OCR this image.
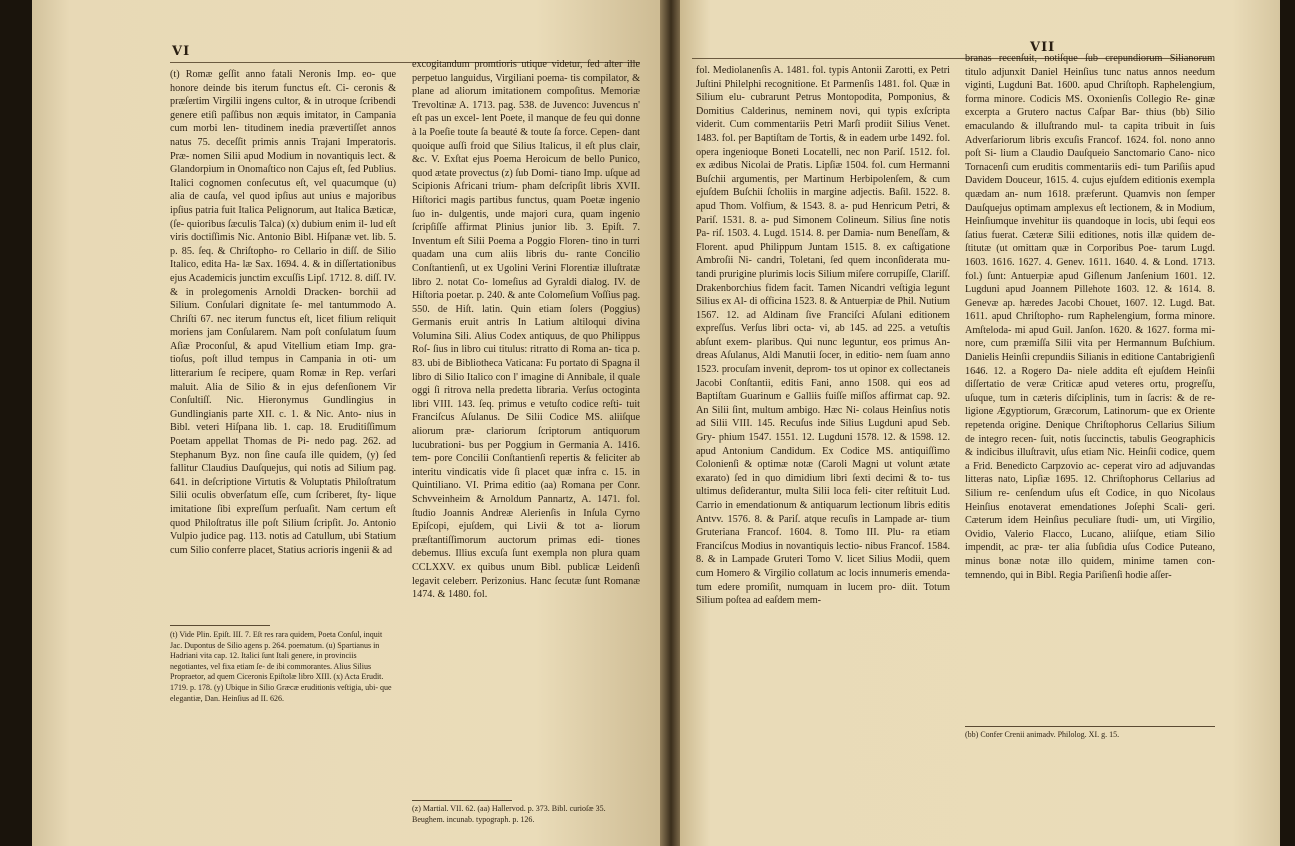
VI

(t) Romæ geſſit anno fatali Neronis Imp. eo- que honore deinde bis iterum functus eſt. Ci- ceronis & præſertim Virgilii ingens cultor, & in utroque ſcribendi genere etiſi paſſibus non æquis imitator, in Campania cum morbi len- titudinem inedia prævertiſſet annos natus 75. deceſſit primis annis Trajani Imperatoris. Præ- nomen Silii apud Modium in novantiquis lect. & Glandorpium in Onomaſtico non Cajus eſt, ſed Publius. Italici cognomen conſecutus eſt, vel quacumque (u) alia de cauſa, vel quod ipſius aut unius e majoribus ipſius patria fuit Italica Pelignorum, aut Italica Bæticæ, (ſe- quioribus ſæculis Talca) (x) dubium enim il- lud eſt viris doctiſſimis Nic. Antonio Bibl. Hiſpanæ vet. lib. 5. p. 85. ſeq. & Chriſtopho- ro Cellario in diſſ. de Silio Italico, edita Ha- læ Sax. 1694. 4. & in diſſertationibus ejus Academicis junctim excuſſis Lipſ. 1712. 8. diſſ. IV. & in prolegomenis Arnoldi Dracken- borchii ad Silium. Conſulari dignitate ſe- mel tantummodo A. Chriſti 67. nec iterum functus eſt, licet filium reliquit moriens jam Conſularem. Nam poſt conſulatum ſuum Aſiæ Proconſul, & apud Vitellium etiam Imp. gra- tioſus, poſt illud tempus in Campania in oti- um litterarium ſe recipere, quam Romæ in Rep. verſari maluit. Alia de Silio & in ejus defenſionem Vir Conſultiſſ. Nic. Hieronymus Gundlingius in Gundlingianis parte XII. c. 1. & Nic. Anto- nius in Bibl. veteri Hiſpana lib. 1. cap. 18. Eruditiſſimum Poetam appellat Thomas de Pi- nedo pag. 262. ad Stephanum Byz. non ſine cauſa ille quidem, (y) ſed fallitur Claudius Dauſquejus, qui notis ad Silium pag. 641. in deſcriptione Virtutis & Voluptatis Philoſtratum Silii oculis obverſatum eſſe, cum ſcriberet, ſty- lique imitatione ſibi expreſſum perſuaſit. Nam certum eſt quod Philoſtratus ille poſt Silium ſcripſit. Jo. Antonio Vulpio judice pag. 113. notis ad Catullum, ubi Statium cum Silio conferre placet, Statius acrioris ingenii & ad

(t) Vide Plin. Epiſt. III. 7. Eſt res rara quidem, Poeta Conſul, inquit Jac. Dupontus de Silio agens p. 264. poematum. (u) Spartianus in Hadriani vita cap. 12. Italici ſunt Itali genere, in provinciis negotiantes, vel fixa etiam ſe- de ibi commorantes. Alius Silius Propraetor, ad quem Ciceronis Epiſtolæ libro XIII. (x) Acta Erudit. 1719. p. 178. (y) Ubique in Silio Græcæ eruditionis veſtigia, ubi- que elegantiæ, Dan. Heinſius ad II. 626.

excogitandum promtioris utique videtur, ſed alter ille perpetuo languidus, Virgiliani poema- tis compilator, & plane ad aliorum imitationem compoſitus. Memoriæ Trevoltinæ A. 1713. pag. 538. de Juvenco: Juvencus n' eſt pas un excel- lent Poete, il manque de feu qui donne à la Poeſie toute ſa beauté & toute ſa force. Cepen- dant quoique auſſi froid que Silius Italicus, il eſt plus clair, &c. V. Exſtat ejus Poema Heroicum de bello Punico, quod ætate provectus (z) ſub Domi- tiano Imp. uſque ad Scipionis Africani trium- pham deſcripſit libris XVII. Hiſtorici magis partibus functus, quam Poetæ ingenio ſuo in- dulgentis, unde majori cura, quam ingenio ſcripſiſſe affirmat Plinius junior lib. 3. Epiſt. 7. Inventum eſt Silii Poema a Poggio Floren- tino in turri quadam una cum aliis libris du- rante Concilio Conſtantienſi, ut ex Ugolini Verini Florentiæ illuſtratæ libro 2. notat Co- lomeſius ad Gyraldi dialog. IV. de Hiſtoria poetar. p. 240. & ante Colomeſium Voſſius pag. 550. de Hiſt. latin. Quin etiam ſolers (Poggius) Germanis eruit antris In Latium altiloqui divina Volumina Sili. Alius Codex antiquus, de quo Philippus Roſ- ſius in libro cui titulus: ritratto di Roma an- tica p. 83. ubi de Bibliotheca Vaticana: Fu portato di Spagna il libro di Silio Italico con l' imagine di Annibale, il quale oggi ſi ritrova nella predetta libraria. Verſus octoginta libri VIII. 143. ſeq. primus e vetuſto codice reſti- tuit Franciſcus Aſulanus. De Silii Codice MS. aliiſque aliorum præ- clariorum ſcriptorum antiquorum lucubrationi- bus per Poggium in Germania A. 1416. tem- pore Concilii Conſtantienſi repertis & feliciter ab interitu vindicatis vide ſi placet quæ infra c. 15. in Quintiliano. VI. Prima editio (aa) Romana per Conr. Schvveinheim & Arnoldum Pannartz, A. 1471. fol. ſtudio Joannis Andreæ Alerienſis in Inſula Cyrno Epiſcopi, ejuſdem, qui Livii & tot a- liorum præſtantiſſimorum auctorum primas edi- tiones debemus. Illius excuſa ſunt exempla non plura quam CCLXXV. ex quibus unum Bibl. publicæ Leidenſi legavit celeberr. Perizonius. Hanc ſecutæ ſunt Romanæ 1474. & 1480. fol.

(z) Martial. VII. 62. (aa) Hallervod. p. 373. Bibl. curioſæ 35. Beughem. incunab. typograph. p. 126.

VII

fol. Mediolanenſis A. 1481. fol. typis Antonii Zarotti, ex Petri Juſtini Philelphi recognitione. Et Parmenſis 1481. fol. Quæ in Silium elu- cubrarunt Petrus Montopodita, Pomponius, & Domitius Calderinus, neminem novi, qui typis exſcripta viderit. Cum commentariis Petri Marſi prodiit Silius Venet. 1483. fol. per Baptiſtam de Tortis, & in eadem urbe 1492. fol. opera ingenioque Boneti Locatelli, nec non Pariſ. 1512. fol. ex ædibus Nicolai de Pratis. Lipſiæ 1504. fol. cum Hermanni Buſchii argumentis, per Martinum Herbipolenſem, & cum ejuſdem Buſchii ſcholiis in margine adjectis. Baſil. 1522. 8. apud Thom. Volfium, & 1543. 8. a- pud Henricum Petri, & Pariſ. 1531. 8. a- pud Simonem Colineum. Silius ſine notis Pa- riſ. 1503. 4. Lugd. 1514. 8. per Damia- num Beneſſam, & Florent. apud Philippum Juntam 1515. 8. ex caſtigatione Ambroſii Ni- candri, Toletani, ſed quem inconſiderata mu- tandi prurigine plurimis locis Silium miſere corrupiſſe, Clariſſ. Drakenborchius fidem facit. Tamen Nicandri veſtigia legunt Silius ex Al- di officina 1523. 8. & Antuerpiæ de Phil. Nutium 1567. 12. ad Aldinam ſive Franciſci Aſulani editionem expreſſus. Verſus libri octa- vi, ab 145. ad 225. a vetuſtis abſunt exem- plaribus. Qui nunc leguntur, eos primus An- dreas Aſulanus, Aldi Manutii ſocer, in editio- nem ſuam anno 1523. procuſam invenit, deprom- tos ut opinor ex collectaneis Jacobi Conſtantii, editis Fani, anno 1508. qui eos ad Baptiſtam Guarinum e Galliis fuiſſe miſſos affirmat cap. 92. An Silii ſint, multum ambigo. Hæc Ni- colaus Heinſius notis ad Silii VIII. 145. Recuſus inde Silius Lugduni apud Seb. Gry- phium 1547. 1551. 12. Lugduni 1578. 12. & 1598. 12. apud Antonium Candidum. Ex Codice MS. antiquiſſimo Colonienſi & optimæ notæ (Caroli Magni ut volunt ætate exarato) ſed in quo dimidium libri ſexti decimi & to- tus ultimus deſiderantur, multa Silii loca feli- citer reſtituit Lud. Carrio in emendationum & antiquarum lectionum libris editis Antvv. 1576. 8. & Pariſ. atque recuſis in Lampade ar- tium Gruteriana Francof. 1604. 8. Tomo III. Plu- ra etiam Franciſcus Modius in novantiquis lectio- nibus Francof. 1584. 8. & in Lampade Gruteri Tomo V. licet Silius Modii, quem cum Homero & Virgilio collatum ac locis innumeris emenda- tum edere promiſit, numquam in lucem pro- diit. Totum Silium poſtea ad eaſdem mem-

branas recenſuit, notiſque ſub crepundiorum Silianorum titulo adjunxit Daniel Heinſius tunc natus annos needum viginti, Lugduni Bat. 1600. apud Chriſtoph. Raphelengium, forma minore. Codicis MS. Oxonienſis Collegio Re- ginæ excerpta a Grutero nactus Caſpar Bar- thius (bb) Silio emaculando & illuſtrando mul- ta capita tribuit in ſuis Adverſariorum libris excuſis Francof. 1624. fol. nono anno poſt Si- lium a Claudio Dauſqueio Sanctomario Cano- nico Tornacenſi cum eruditis commentariis edi- tum Pariſiis apud Davidem Douceur, 1615. 4. cujus ejuſdem editionis exempla quædam an- num 1618. præferunt. Quamvis non ſemper Dauſquejus optimam amplexus eſt lectionem, & in Modium, Heinſiumque invehitur iis quandoque in locis, ubi ſequi eos ſatius fuerat. Cæteræ Silii editiones, notis illæ quidem de- ſtitutæ (ut omittam quæ in Corporibus Poe- tarum Lugd. 1603. 1616. 1627. 4. Genev. 1611. 1640. 4. & Lond. 1713. fol.) ſunt: Antuerpiæ apud Giſlenum Janſenium 1601. 12. Lugduni apud Joannem Pillehote 1603. 12. & 1614. 8. Genevæ ap. hæredes Jacobi Chouet, 1607. 12. Lugd. Bat. 1611. apud Chriſtopho- rum Raphelengium, forma minore. Amſteloda- mi apud Guil. Janſon. 1620. & 1627. forma mi- nore, cum præmiſſa Silii vita per Hermannum Buſchium. Danielis Heinſii crepundiis Silianis in editione Cantabrigienſi 1646. 12. a Rogero Da- niele addita eſt ejuſdem Heinſii diſſertatio de veræ Criticæ apud veteres ortu, progreſſu, uſuque, tum in cæteris diſciplinis, tum in ſacris: & de re- ligione Ægyptiorum, Græcorum, Latinorum- que ex Oriente repetenda origine. Denique Chriſtophorus Cellarius Silium de integro recen- ſuit, notis ſuccinctis, tabulis Geographicis & indicibus illuſtravit, uſus etiam Nic. Heinſii codice, quem a Frid. Benedicto Carpzovio ac- ceperat viro ad adjuvandas litteras nato, Lipſiæ 1695. 12. Chriſtophorus Cellarius ad Silium re- cenſendum uſus eſt Codice, in quo Nicolaus Heinſius enotaverat emendationes Joſephi Scali- geri. Cæterum idem Heinſius peculiare ſtudi- um, uti Virgilio, Ovidio, Valerio Flacco, Lucano, aliiſque, etiam Silio impendit, ac præ- ter alia ſubſidia uſus Codice Puteano, minus bonæ notæ illo quidem, minime tamen con- temnendo, qui in Bibl. Regia Pariſienſi hodie aſſer-

(bb) Confer Crenii animadv. Philolog. XI. g. 15.
